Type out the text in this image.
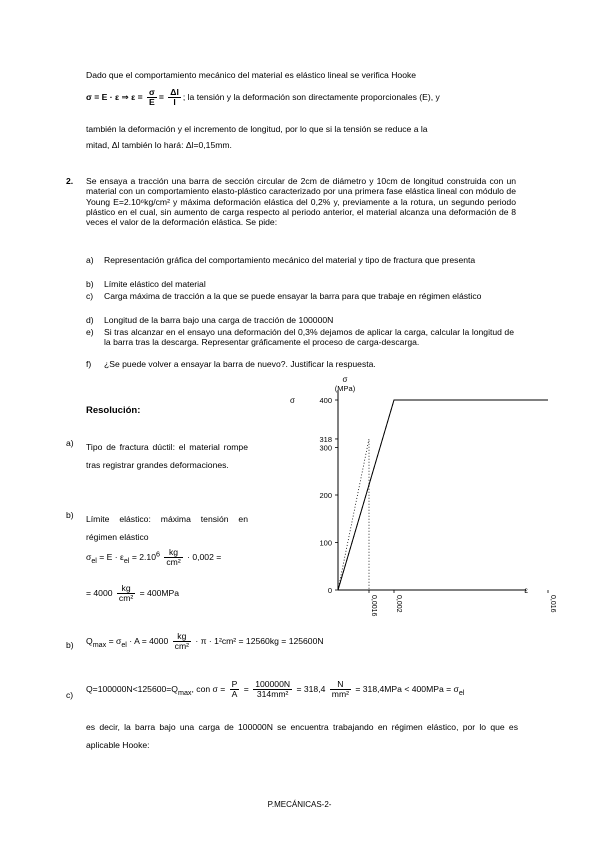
Dado que el comportamiento mecánico del material es elástico lineal se verifica Hooke
σ = E · ε ⇒ $\varepsilon = \frac{\sigma}{E} = \frac{\Delta l}{l}$ ; la tensión y la deformación son directamente proporcionales (E), y
también la deformación y el incremento de longitud, por lo que si la tensión se reduce a la
mitad, Δl también lo hará: Δl=0,15mm.
2. Se ensaya a tracción una barra de sección circular de 2cm de diámetro y 10cm de longitud construida con un material con un comportamiento elasto-plástico caracterizado por una primera fase elástica lineal con módulo de Young E=2.10⁶kg/cm² y máxima deformación elástica del 0,2% y, previamente a la rotura, un segundo periodo plástico en el cual, sin aumento de carga respecto al periodo anterior, el material alcanza una deformación de 8 veces el valor de la deformación elástica. Se pide:
a) Representación gráfica del comportamiento mecánico del material y tipo de fractura que presenta
b) Límite elástico del material
c) Carga máxima de tracción a la que se puede ensayar la barra para que trabaje en régimen elástico
d) Longitud de la barra bajo una carga de tracción de 100000N
e) Si tras alcanzar en el ensayo una deformación del 0,3% dejamos de aplicar la carga, calcular la longitud de la barra tras la descarga. Representar gráficamente el proceso de carga-descarga.
f) ¿Se puede volver a ensayar la barra de nuevo?. Justificar la respuesta.
Resolución:
a) Tipo de fractura dúctil: el material rompe tras registrar grandes deformaciones.
b) Límite elástico: máxima tensión en régimen elástico
$\sigma_{el} = E \cdot \varepsilon_{el} = 2.10^6 \frac{kg}{\text{cm²}} \cdot 0,002$ =
= $4000 \frac{kg}{\text{cm²}} = 400MPa$
b) $Q_{max} = \sigma_{el} \cdot A = 4000 \frac{kg}{\text{cm²}} \cdot \pi \cdot 1^2cm^2 = 12560kg = 125600N$
c)
$Q=100000N<125600=Q_{max}$, con $\sigma = \frac{P}{A} = \frac{100000N}{\text{314mm²}} = 318,4 \frac{N}{\text{mm²}} = 318,4MPa < 400MPa = \sigma_{el}$
es decir, la barra bajo una carga de 100000N se encuentra trabajando en régimen elástico, por lo que es aplicable Hooke:
σ
(MPa)
σ
ε
0
100
200
300
318
400
0,0016	0,002	0,016
P.MECÁNICAS-2-
